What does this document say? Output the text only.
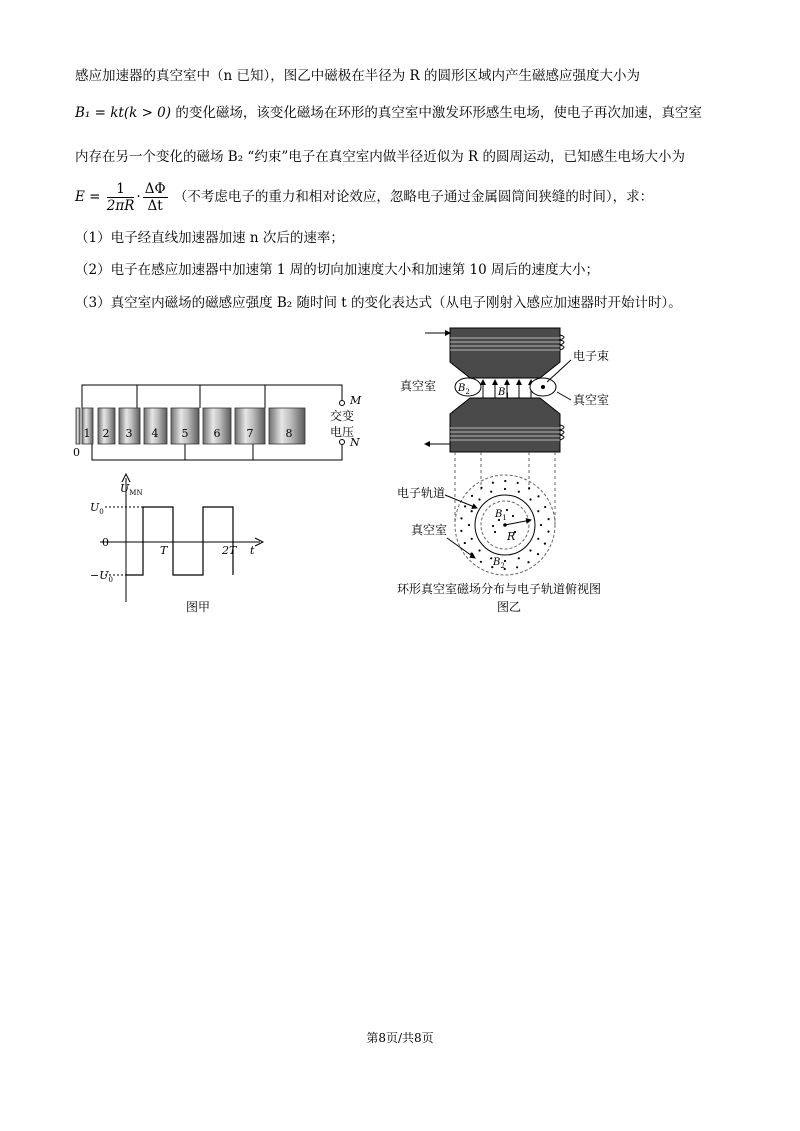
感应加速器的真空室中（n 已知），图乙中磁极在半径为 R 的圆形区域内产生磁感应强度大小为
B₁ = kt(k > 0) 的变化磁场，该变化磁场在环形的真空室中激发环形感生电场，使电子再次加速，真空室
内存在另一个变化的磁场 B₂ “约束”电子在真空室内做半径近似为 R 的圆周运动，已知感生电场大小为
$E = \frac{1}{2\pi R} \cdot \frac{\Delta\Phi}{\Delta t}$ （不考虑电子的重力和相对论效应，忽略电子通过金属圆筒间狭缝的时间），求：
（1）电子经直线加速器加速 n 次后的速率；
（2）电子在感应加速器中加速第 1 周的切向加速度大小和加速第 10 周后的速度大小；
（3）真空室内磁场的磁感应强度 B₂ 随时间 t 的变化表达式（从电子刚射入感应加速器时开始计时）。
1 2 3 4 5 6 7	8
0
M
N
交变
电压
$U_{MN}$
$U_0$
$-U_0$
0
T	2T t
图甲
$B_1$
$B_2$
真空室
真空室
电子束
$B_1$
R
$B_2$
电子轨道
真空室
环形真空室磁场分布与电子轨道俯视图
图乙
第8页/共8页
